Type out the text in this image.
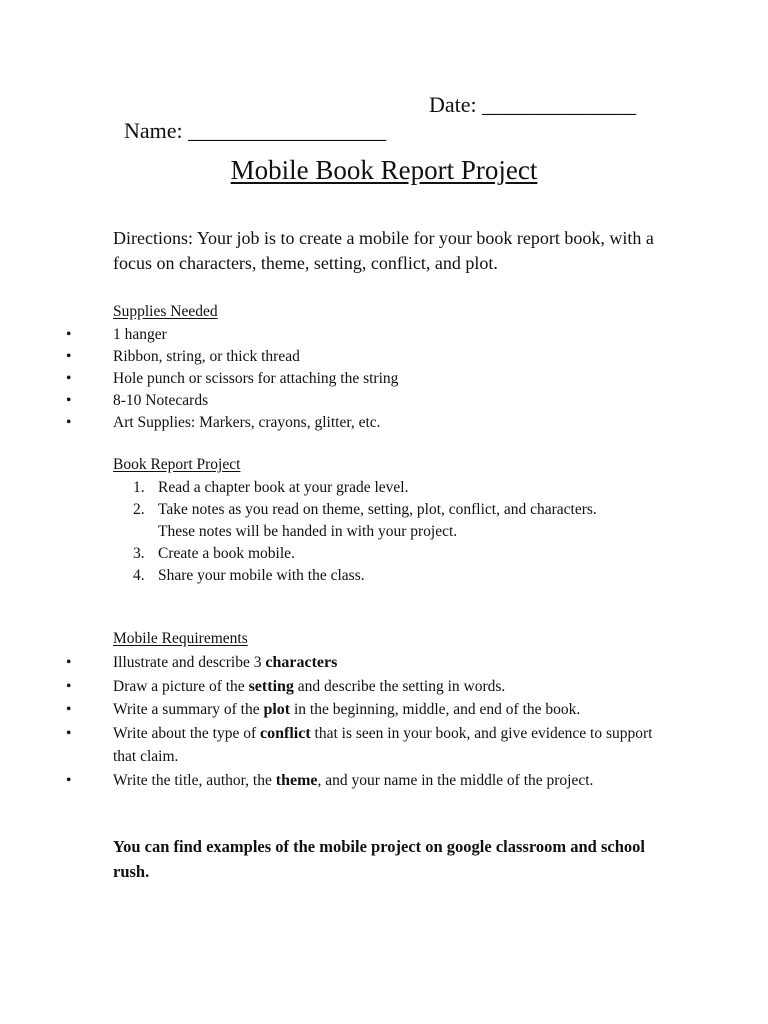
Name: __________________

Date: ______________

Mobile Book Report Project
Directions: Your job is to create a mobile for your book report book, with a focus on characters, theme, setting, conflict, and plot.
Supplies Needed
•	1 hanger
•	Ribbon, string, or thick thread
•	Hole punch or scissors for attaching the string
•	8-10 Notecards
•	Art Supplies: Markers, crayons, glitter, etc.
Book Report Project
1. Read a chapter book at your grade level.
2. Take notes as you read on theme, setting, plot, conflict, and characters. These notes will be handed in with your project.
3. Create a book mobile.
4. Share your mobile with the class.
Mobile Requirements
•	Illustrate and describe 3 characters
•	Draw a picture of the setting and describe the setting in words.
•	Write a summary of the plot in the beginning, middle, and end of the book.
•	Write about the type of conflict that is seen in your book, and give evidence to support that claim.
•	Write the title, author, the theme, and your name in the middle of the project.
You can find examples of the mobile project on google classroom and school rush.
